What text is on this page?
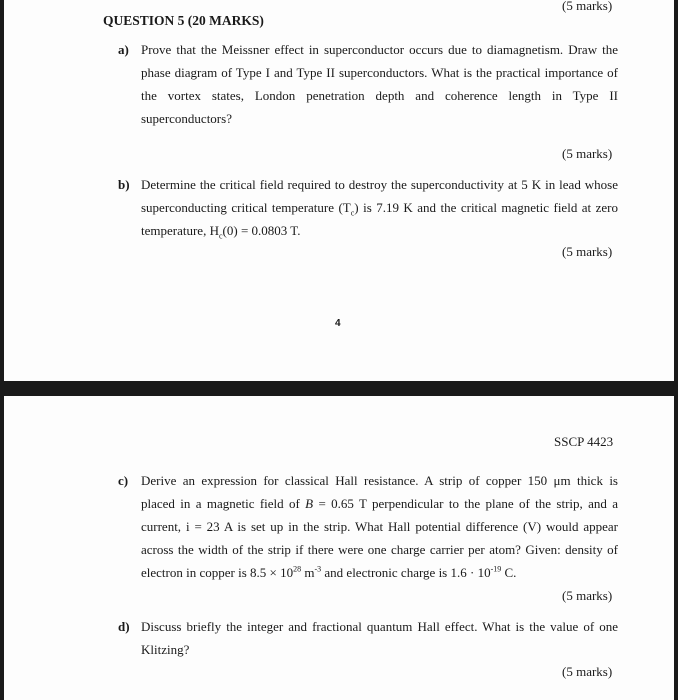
(5 marks)
QUESTION 5 (20 MARKS)
a) Prove that the Meissner effect in superconductor occurs due to diamagnetism. Draw the
phase diagram of Type I and Type II superconductors. What is the practical importance of
the vortex states, London penetration depth and coherence length in Type II
superconductors?
(5 marks)
b) Determine the critical field required to destroy the superconductivity at 5 K in lead whose
superconducting critical temperature $(T_c)$ is 7.19 K and the critical magnetic field at zero
temperature, $H_c(0) = 0.0803$ T.
(5 marks)
4
SSCP 4423
c) Derive an expression for classical Hall resistance. A strip of copper 150 μm thick is
placed in a magnetic field of B = 0.65 T perpendicular to the plane of the strip, and a
current, i = 23 A is set up in the strip. What Hall potential difference (V) would appear
across the width of the strip if there were one charge carrier per atom? Given: density of
electron in copper is $8.5 \times 10^{28}$ $m^{-3}$ and electronic charge is $1.6 \cdot 10^{-19}$ C.
(5 marks)
d) Discuss briefly the integer and fractional quantum Hall effect. What is the value of one
Klitzing?
(5 marks)
